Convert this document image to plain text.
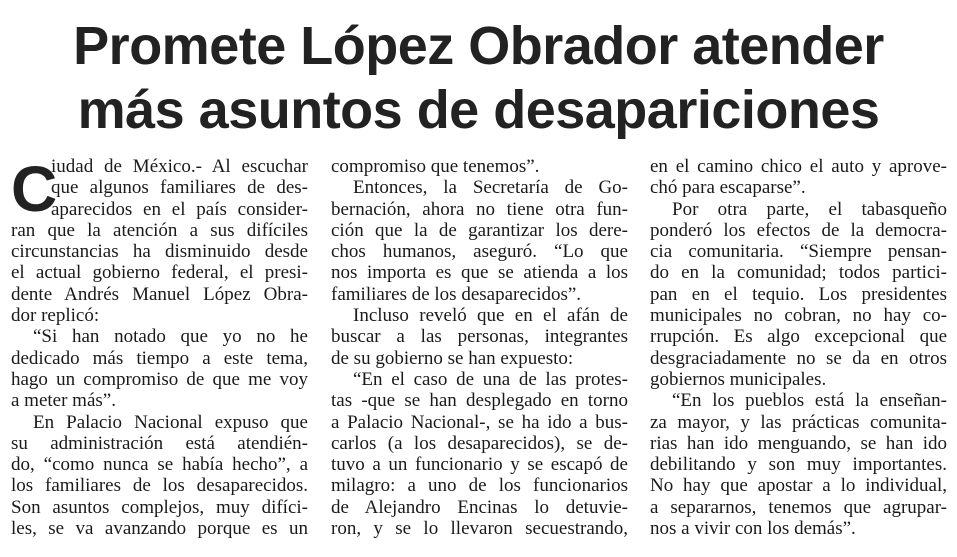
Promete López Obrador atender
más asuntos de desapariciones
C
iudad de México.- Al escuchar
que algunos familiares de des-
aparecidos en el país consider-
ran que la atención a sus difíciles
circunstancias ha disminuido desde
el actual gobierno federal, el presi-
dente Andrés Manuel López Obra-
dor replicó:
“Si han notado que yo no he
dedicado más tiempo a este tema,
hago un compromiso de que me voy
a meter más”.
En Palacio Nacional expuso que
su administración está atendién-
do, “como nunca se había hecho”, a
los familiares de los desaparecidos.
Son asuntos complejos, muy difíci-
les, se va avanzando porque es un
compromiso que tenemos”.
Entonces, la Secretaría de Go-
bernación, ahora no tiene otra fun-
ción que la de garantizar los dere-
chos humanos, aseguró. “Lo que
nos importa es que se atienda a los
familiares de los desaparecidos”.
Incluso reveló que en el afán de
buscar a las personas, integrantes
de su gobierno se han expuesto:
“En el caso de una de las protes-
tas -que se han desplegado en torno
a Palacio Nacional-, se ha ido a bus-
carlos (a los desaparecidos), se de-
tuvo a un funcionario y se escapó de
milagro: a uno de los funcionarios
de Alejandro Encinas lo detuvie-
ron, y se lo llevaron secuestrando,
en el camino chico el auto y aprove-
chó para escaparse”.
Por otra parte, el tabasqueño
ponderó los efectos de la democra-
cia comunitaria. “Siempre pensan-
do en la comunidad; todos partici-
pan en el tequio. Los presidentes
municipales no cobran, no hay co-
rrupción. Es algo excepcional que
desgraciadamente no se da en otros
gobiernos municipales.
“En los pueblos está la enseñan-
za mayor, y las prácticas comunita-
rias han ido menguando, se han ido
debilitando y son muy importantes.
No hay que apostar a lo individual,
a separarnos, tenemos que agrupar-
nos a vivir con los demás”.
